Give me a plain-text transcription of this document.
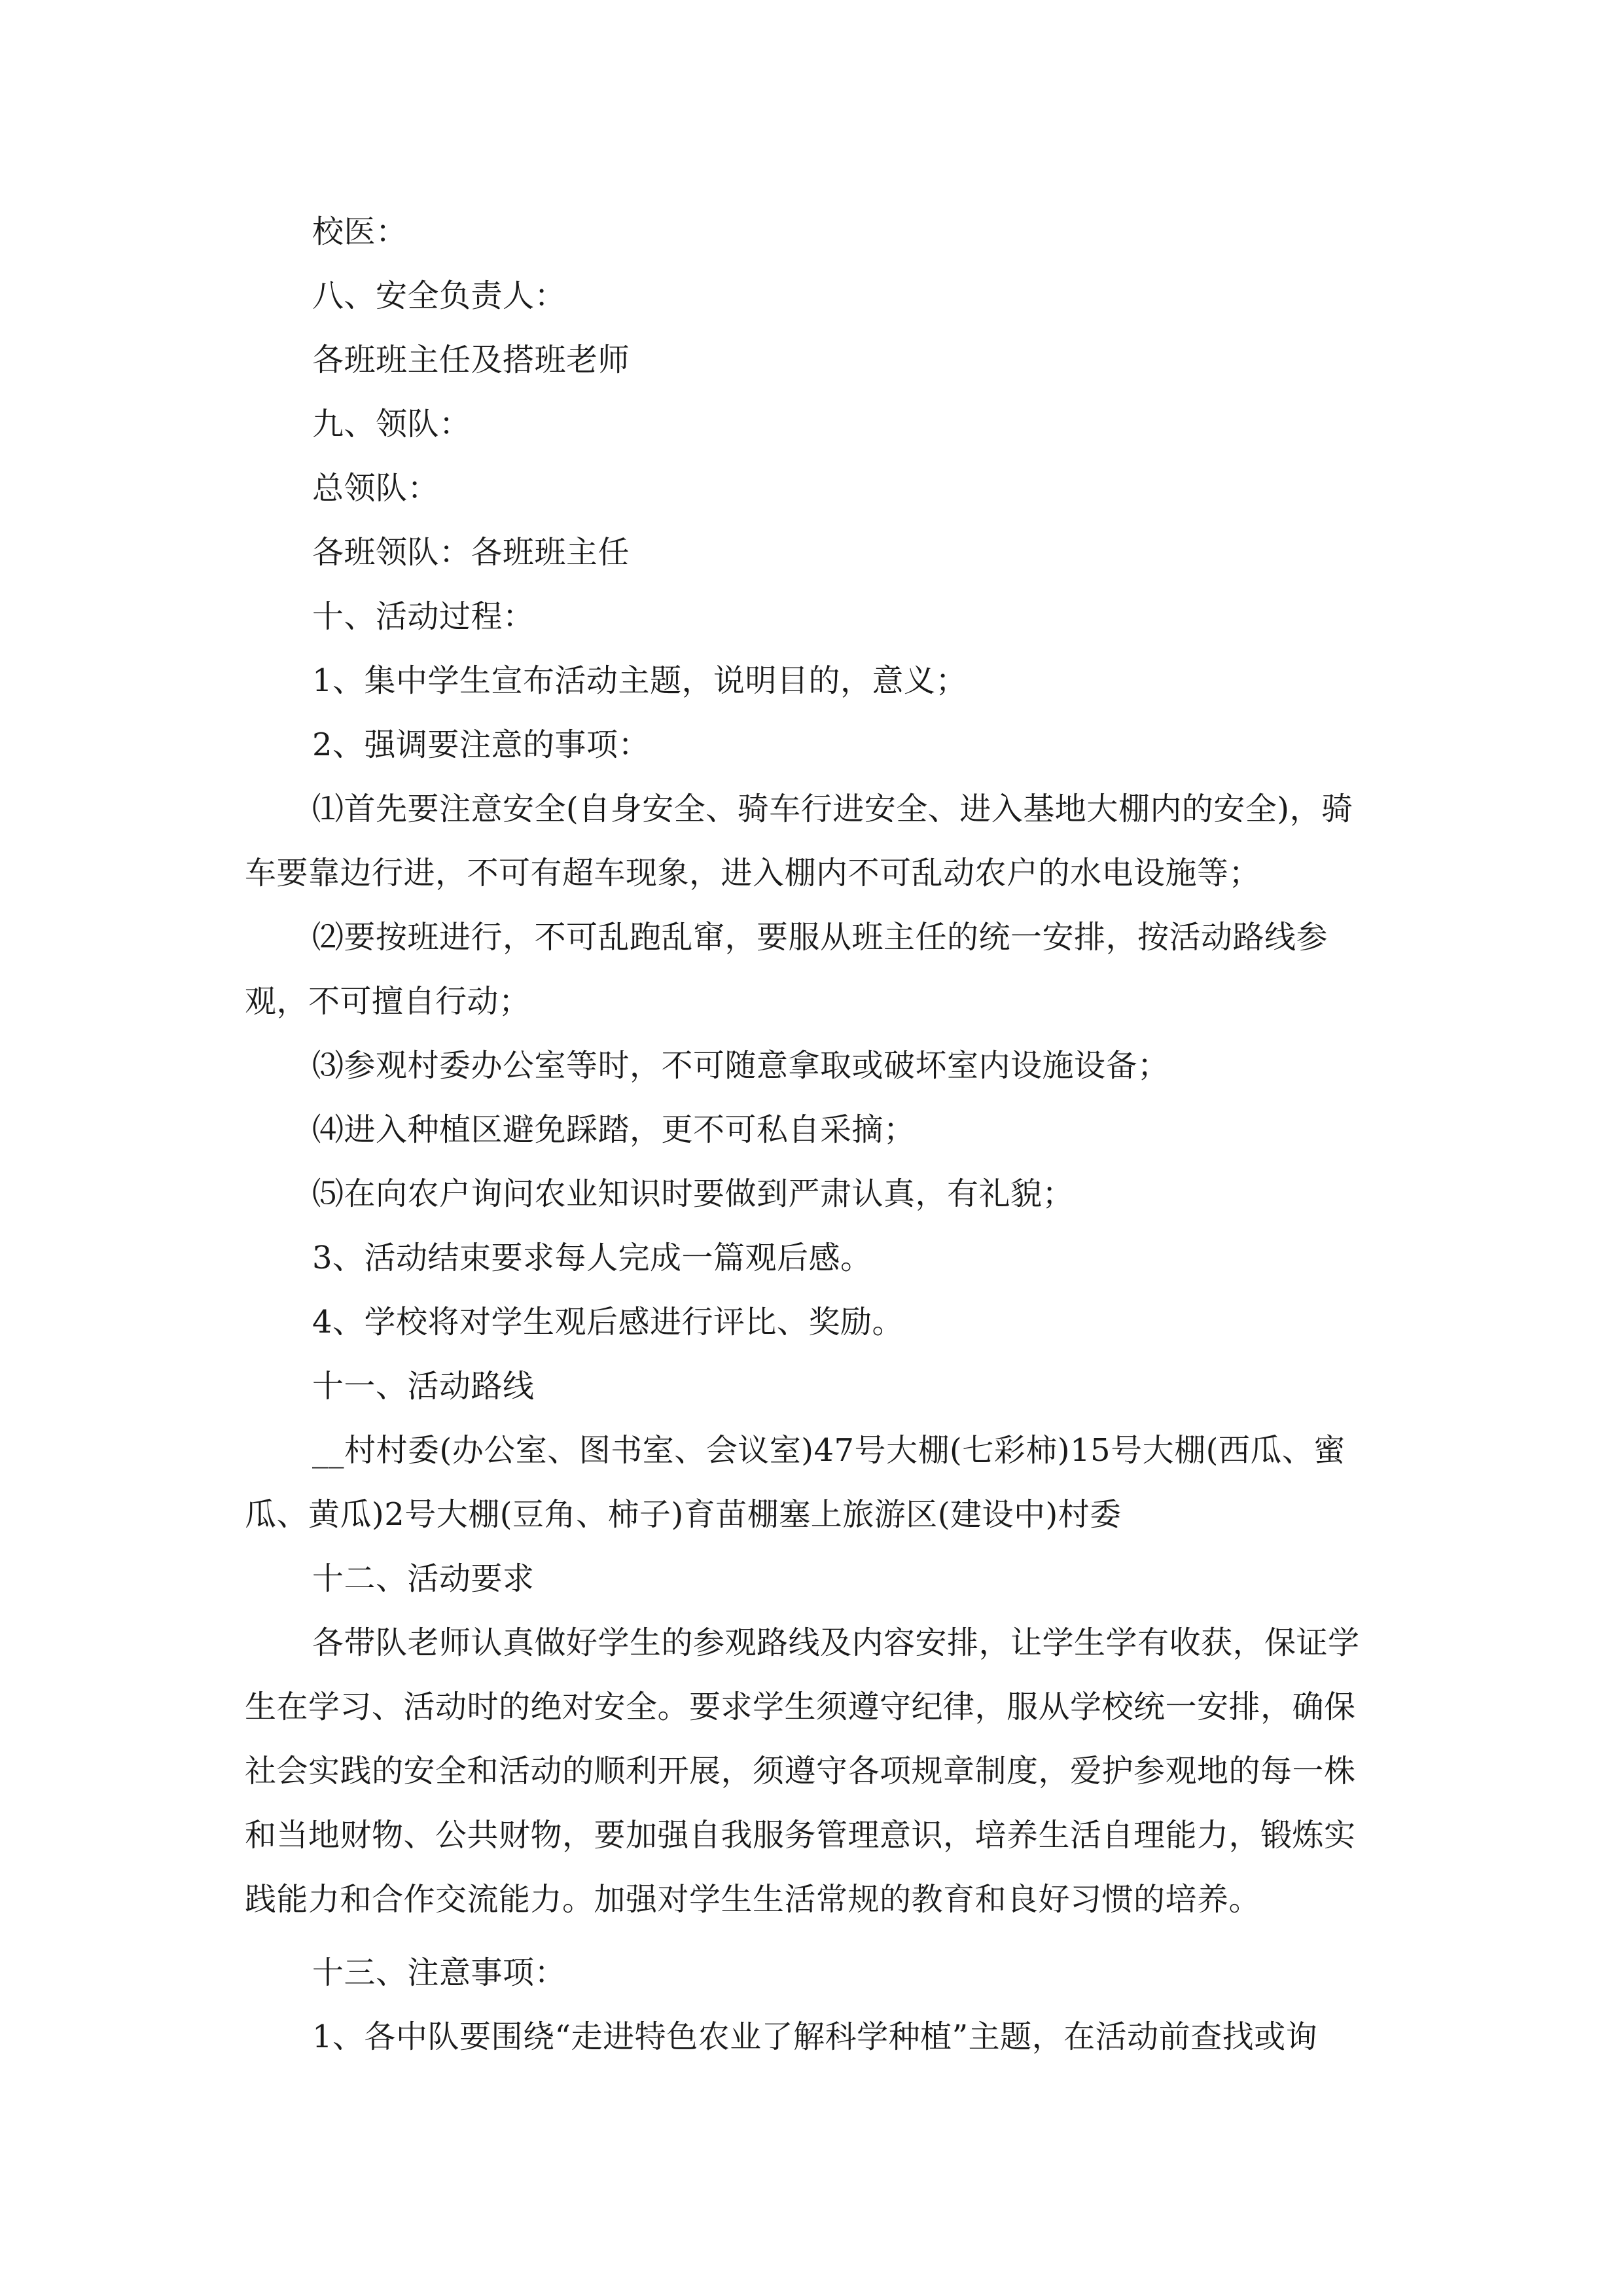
校医：

八、安全负责人：

各班班主任及搭班老师

九、领队：

总领队：

各班领队：各班班主任

十、活动过程：

1、集中学生宣布活动主题，说明目的，意义；

2、强调要注意的事项：

⑴首先要注意安全(自身安全、骑车行进安全、进入基地大棚内的安全)，骑车要靠边行进，不可有超车现象，进入棚内不可乱动农户的水电设施等；

⑵要按班进行，不可乱跑乱窜，要服从班主任的统一安排，按活动路线参观，不可擅自行动；

⑶参观村委办公室等时，不可随意拿取或破坏室内设施设备；

⑷进入种植区避免踩踏，更不可私自采摘；

⑸在向农户询问农业知识时要做到严肃认真，有礼貌；

3、活动结束要求每人完成一篇观后感。

4、学校将对学生观后感进行评比、奖励。

十一、活动路线

__村村委(办公室、图书室、会议室)47号大棚(七彩柿)15号大棚(西瓜、蜜瓜、黄瓜)2号大棚(豆角、柿子)育苗棚塞上旅游区(建设中)村委

十二、活动要求

各带队老师认真做好学生的参观路线及内容安排，让学生学有收获，保证学生在学习、活动时的绝对安全。要求学生须遵守纪律，服从学校统一安排，确保社会实践的安全和活动的顺利开展，须遵守各项规章制度，爱护参观地的每一株和当地财物、公共财物，要加强自我服务管理意识，培养生活自理能力，锻炼实践能力和合作交流能力。加强对学生生活常规的教育和良好习惯的培养。

十三、注意事项：

1、各中队要围绕“走进特色农业了解科学种植”主题，在活动前查找或询
